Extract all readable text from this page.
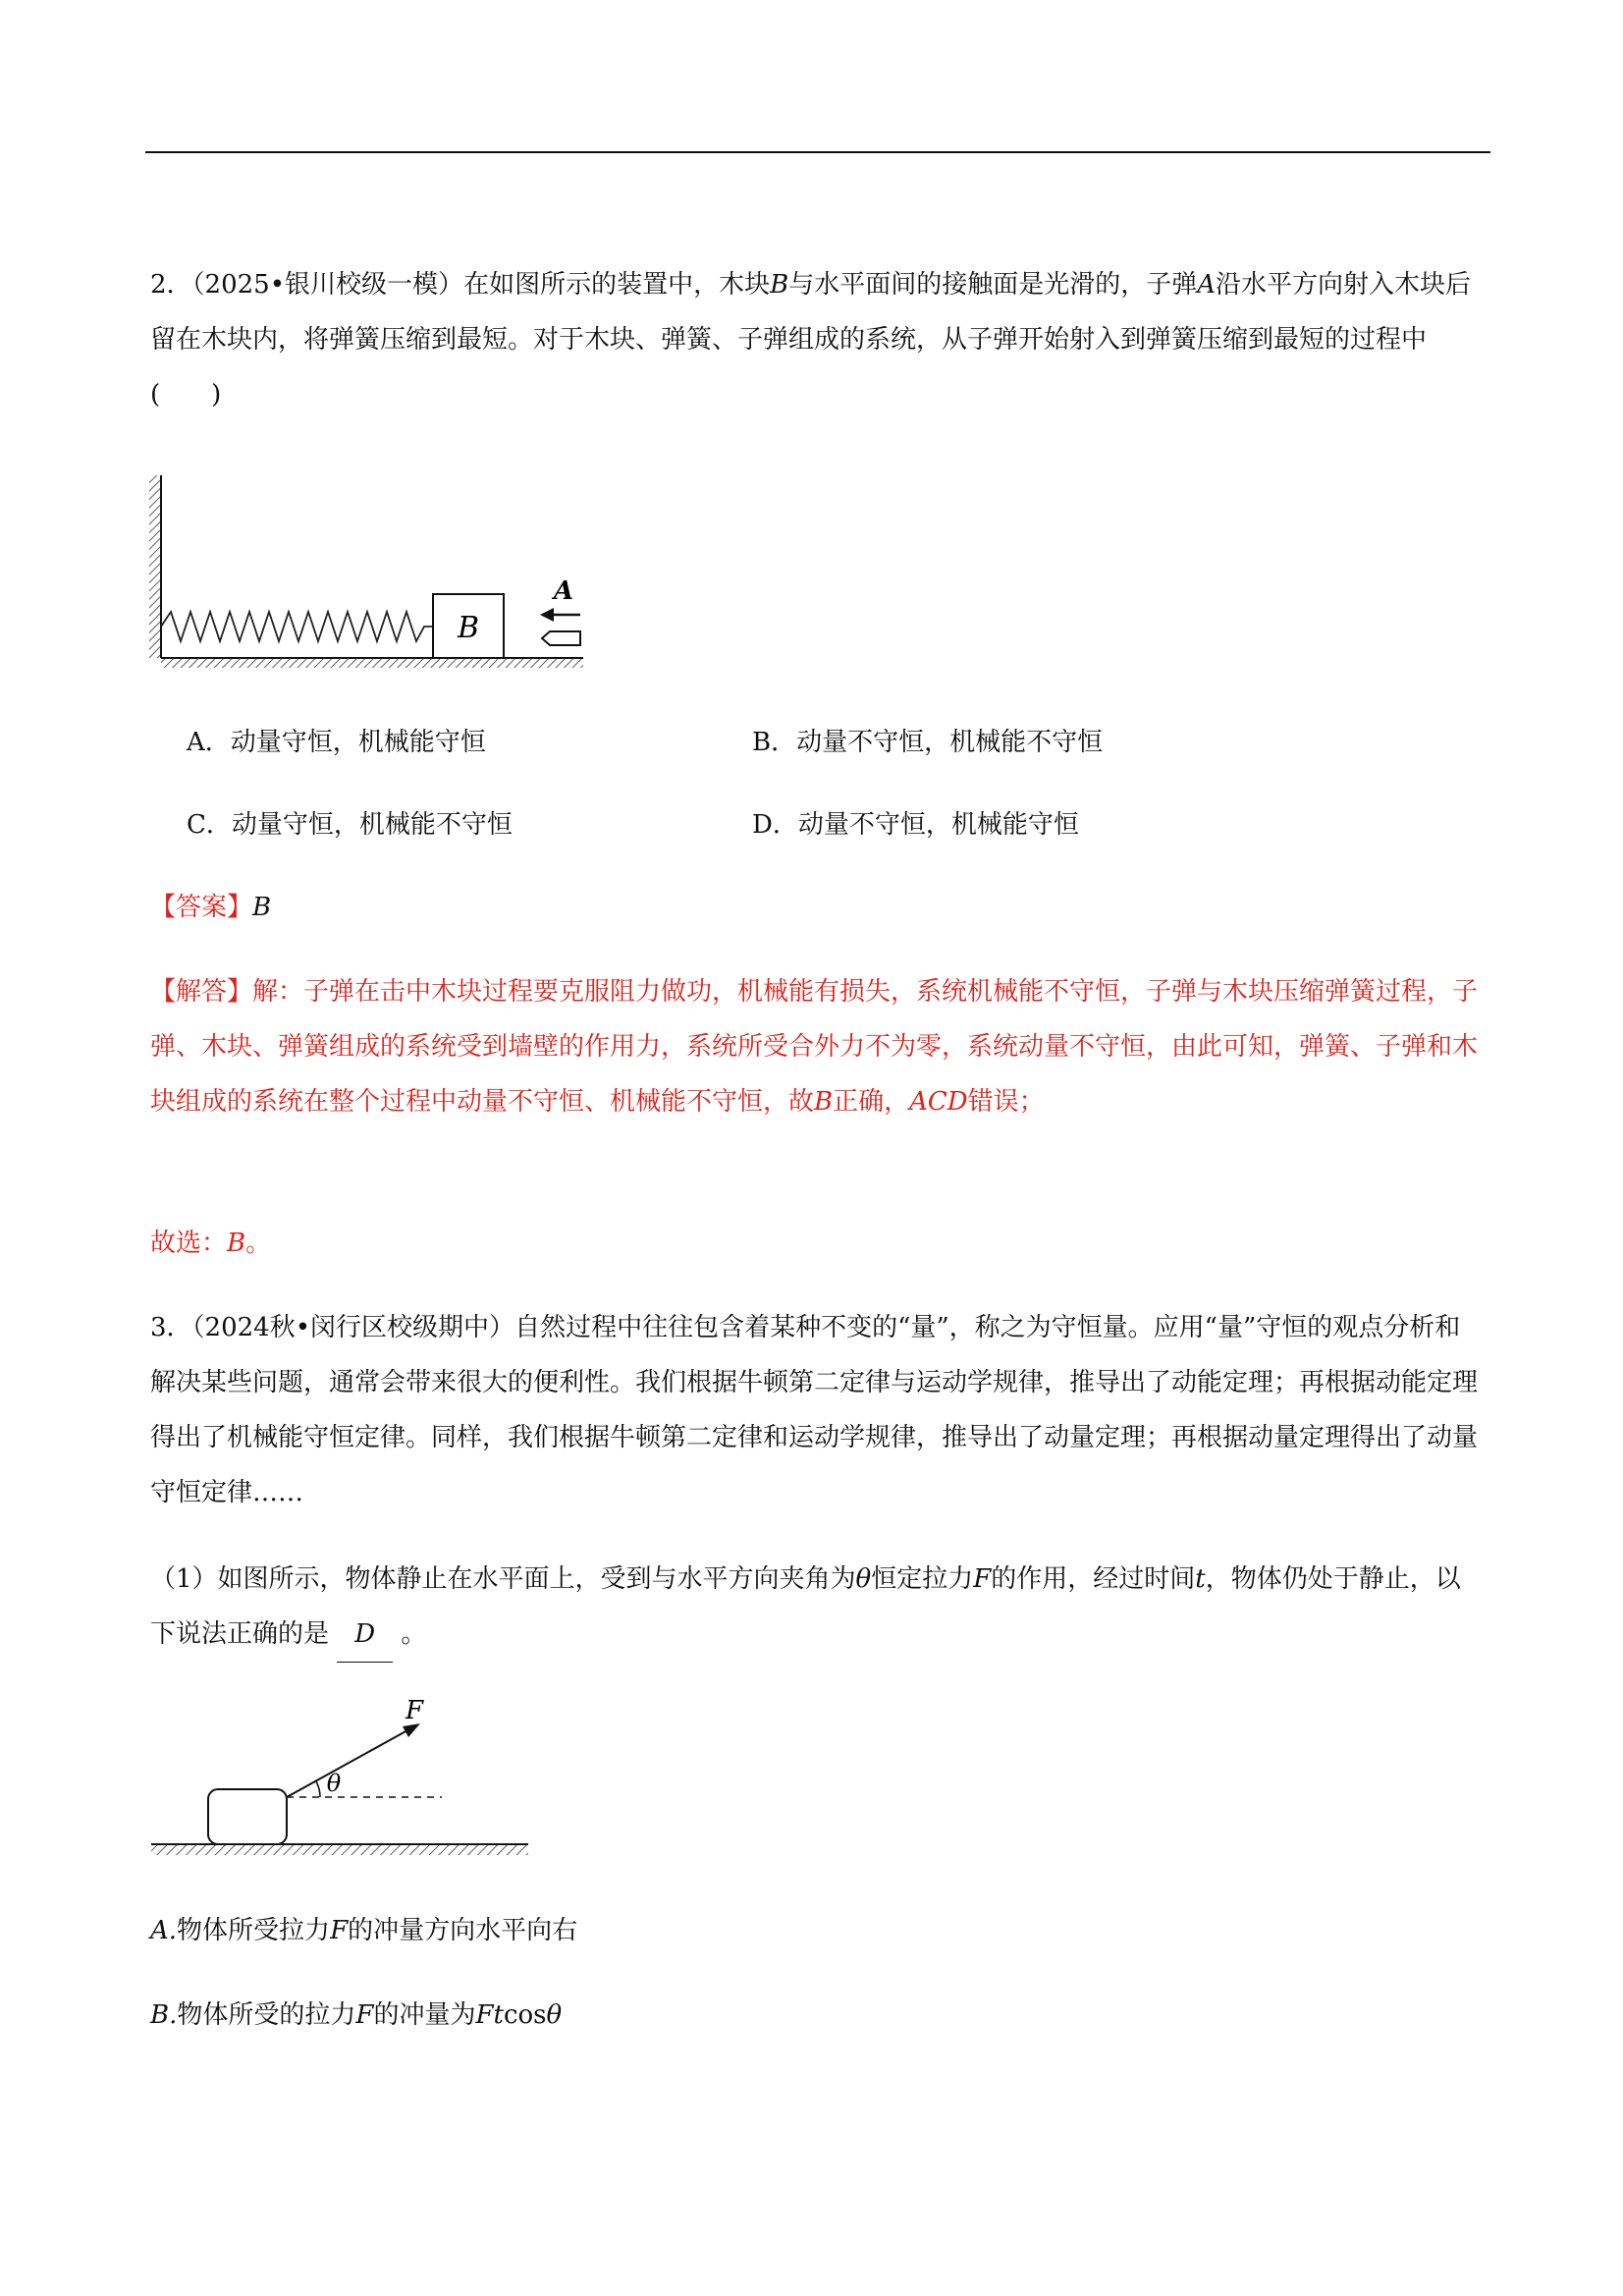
2．（2025•银川校级一模）在如图所示的装置中，木块B与水平面间的接触面是光滑的，子弹A沿水平方向射入木块后留在木块内，将弹簧压缩到最短。对于木块、弹簧、子弹组成的系统，从子弹开始射入到弹簧压缩到最短的过程中(　　)
B
A
A．动量守恒，机械能守恒	B．动量不守恒，机械能不守恒
C．动量守恒，机械能不守恒	D．动量不守恒，机械能守恒
【答案】B
【解答】解：子弹在击中木块过程要克服阻力做功，机械能有损失，系统机械能不守恒，子弹与木块压缩弹簧过程，子弹、木块、弹簧组成的系统受到墙壁的作用力，系统所受合外力不为零，系统动量不守恒，由此可知，弹簧、子弹和木块组成的系统在整个过程中动量不守恒、机械能不守恒，故B正确，ACD错误；
故选：B。
3．（2024秋•闵行区校级期中）自然过程中往往包含着某种不变的“量”，称之为守恒量。应用“量”守恒的观点分析和解决某些问题，通常会带来很大的便利性。我们根据牛顿第二定律与运动学规律，推导出了动能定理；再根据动能定理得出了机械能守恒定律。同样，我们根据牛顿第二定律和运动学规律，推导出了动量定理；再根据动量定理得出了动量守恒定律……
（1）如图所示，物体静止在水平面上，受到与水平方向夹角为θ恒定拉力F的作用，经过时间t，物体仍处于静止，以下说法正确的是 D 。
F
θ
A.物体所受拉力F的冲量方向水平向右
B.物体所受的拉力F的冲量为Ftcosθ
